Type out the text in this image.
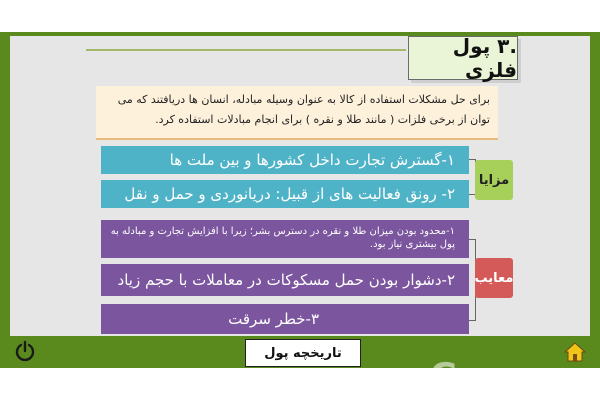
.۳ پول فلزی
برای حل مشکلات استفاده از کالا به عنوان وسیله مبادله، انسان ها دریافتند که می توان از برخی فلزات ( مانند طلا و نقره ) برای انجام مبادلات استفاده کرد.
۱-گسترش تجارت داخل کشورها و بین ملت ها
۲- رونق فعالیت های از قبیل: دریانوردی و حمل و نقل
مزایا
۱-محدود بودن میزان طلا و نقره در دسترس بشر؛ زیرا با افزایش تجارت و مبادله به پول بیشتری نیاز بود.
۲-دشوار بودن حمل مسکوکات در معاملات با حجم زیاد
۳-خطر سرقت
معایب
تاریخچه پول
Gama
